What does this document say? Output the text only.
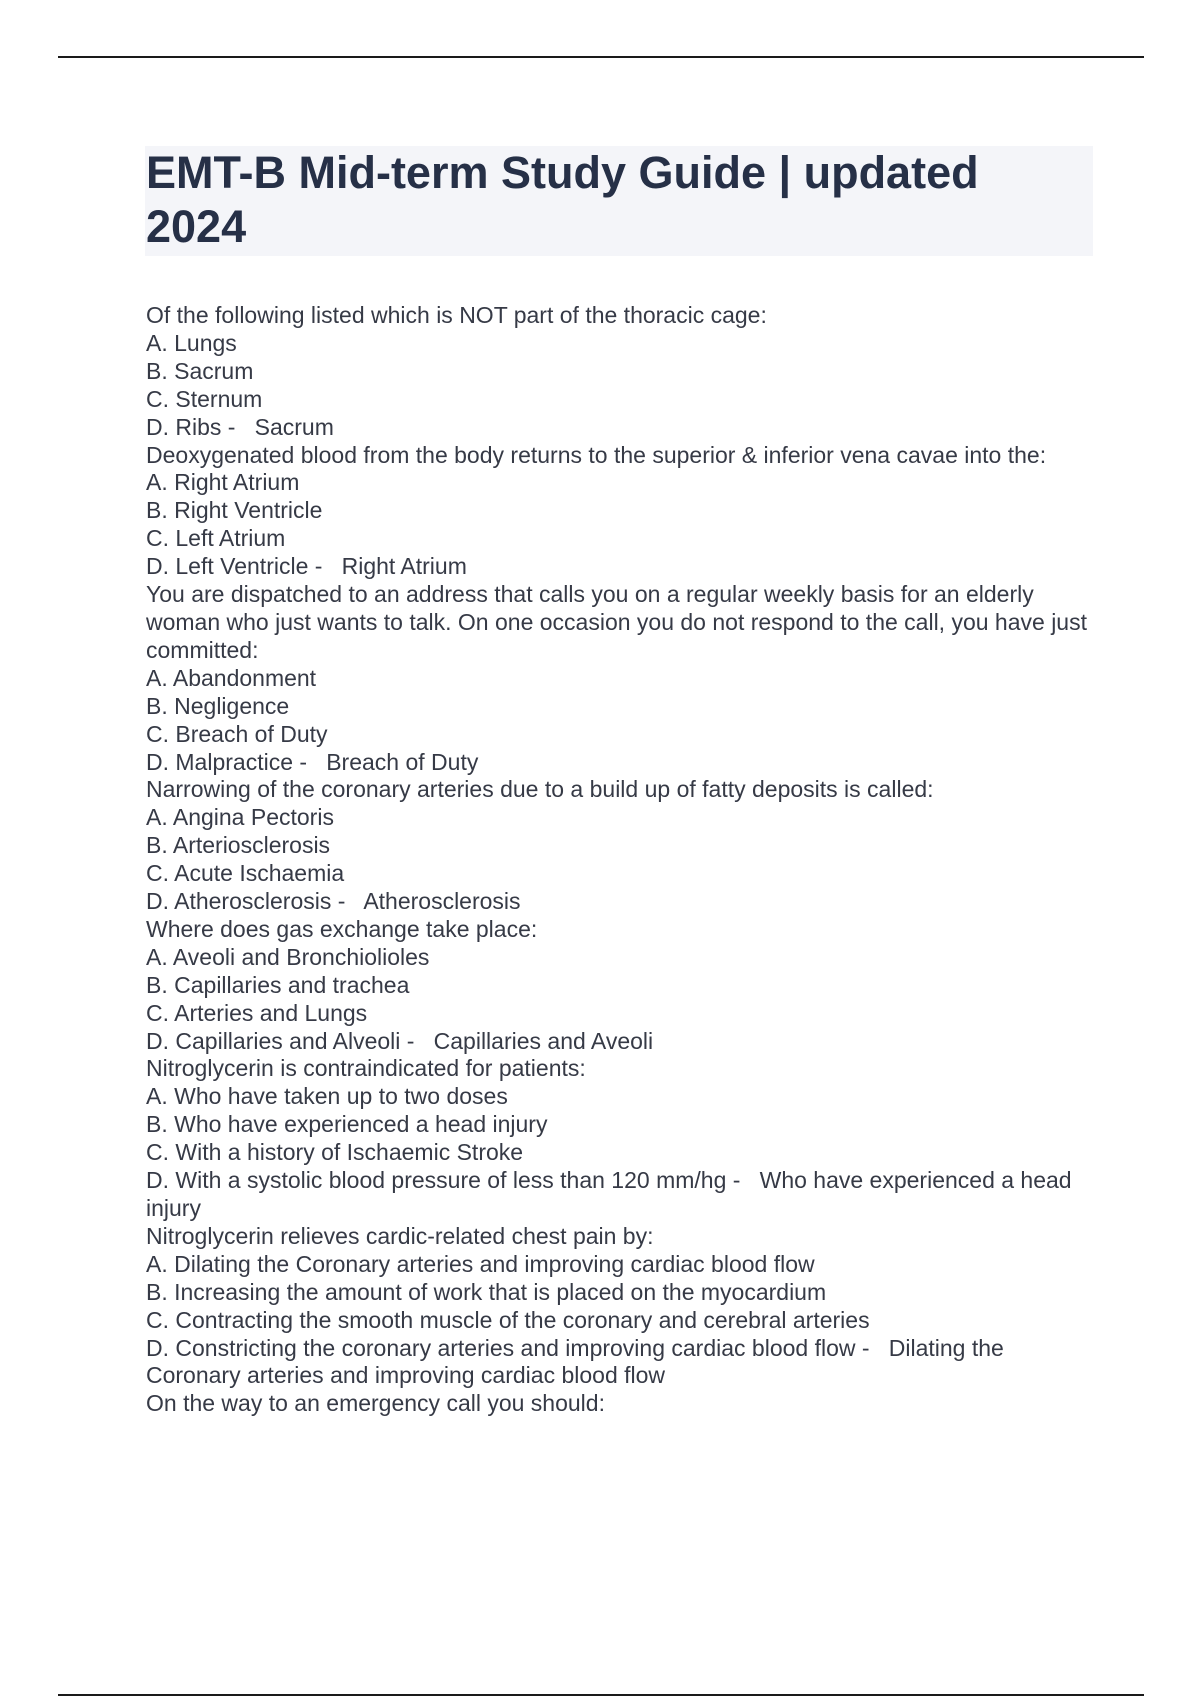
EMT-B Mid-term Study Guide | updated 2024
Of the following listed which is NOT part of the thoracic cage:
A. Lungs
B. Sacrum
C. Sternum
D. Ribs -   Sacrum
Deoxygenated blood from the body returns to the superior & inferior vena cavae into the:
A. Right Atrium
B. Right Ventricle
C. Left Atrium
D. Left Ventricle -   Right Atrium
You are dispatched to an address that calls you on a regular weekly basis for an elderly woman who just wants to talk. On one occasion you do not respond to the call, you have just committed:
A. Abandonment
B. Negligence
C. Breach of Duty
D. Malpractice -   Breach of Duty
Narrowing of the coronary arteries due to a build up of fatty deposits is called:
A. Angina Pectoris
B. Arteriosclerosis
C. Acute Ischaemia
D. Atherosclerosis -   Atherosclerosis
Where does gas exchange take place:
A. Aveoli and Bronchiolioles
B. Capillaries and trachea
C. Arteries and Lungs
D. Capillaries and Alveoli -   Capillaries and Aveoli
Nitroglycerin is contraindicated for patients:
A. Who have taken up to two doses
B. Who have experienced a head injury
C. With a history of Ischaemic Stroke
D. With a systolic blood pressure of less than 120 mm/hg -   Who have experienced a head injury
Nitroglycerin relieves cardic-related chest pain by:
A. Dilating the Coronary arteries and improving cardiac blood flow
B. Increasing the amount of work that is placed on the myocardium
C. Contracting the smooth muscle of the coronary and cerebral arteries
D. Constricting the coronary arteries and improving cardiac blood flow -   Dilating the Coronary arteries and improving cardiac blood flow
On the way to an emergency call you should:
